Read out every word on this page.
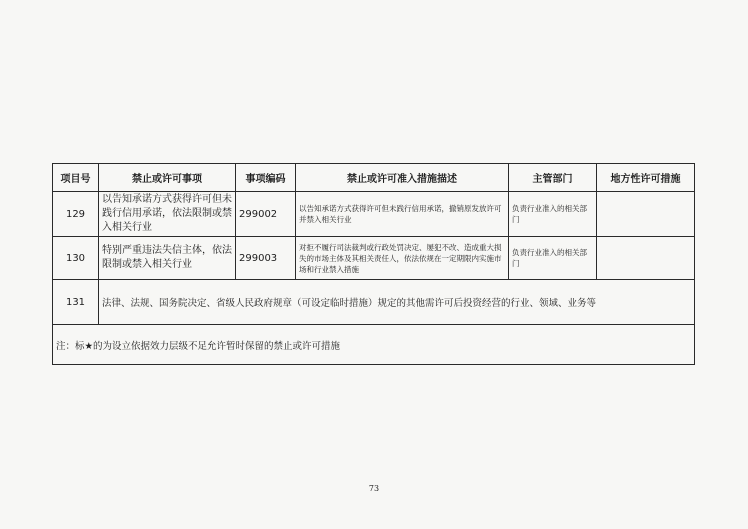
项目号	禁止或许可事项	事项编码	禁止或许可准入措施描述	主管部门	地方性许可措施
129	以告知承诺方式获得许可但未践行信用承诺，依法限制或禁入相关行业	299002	以告知承诺方式获得许可但未践行信用承诺，撤销原发放许可并禁入相关行业	负责行业准入的相关部门	
130	特别严重违法失信主体，依法限制或禁入相关行业	299003	对拒不履行司法裁判或行政处罚决定、屡犯不改、造成重大损失的市场主体及其相关责任人，依法依规在一定期限内实施市场和行业禁入措施	负责行业准入的相关部门	
131	法律、法规、国务院决定、省级人民政府规章（可设定临时措施）规定的其他需许可后投资经营的行业、领域、业务等				
注：标★的为设立依据效力层级不足允许暂时保留的禁止或许可措施					
73
